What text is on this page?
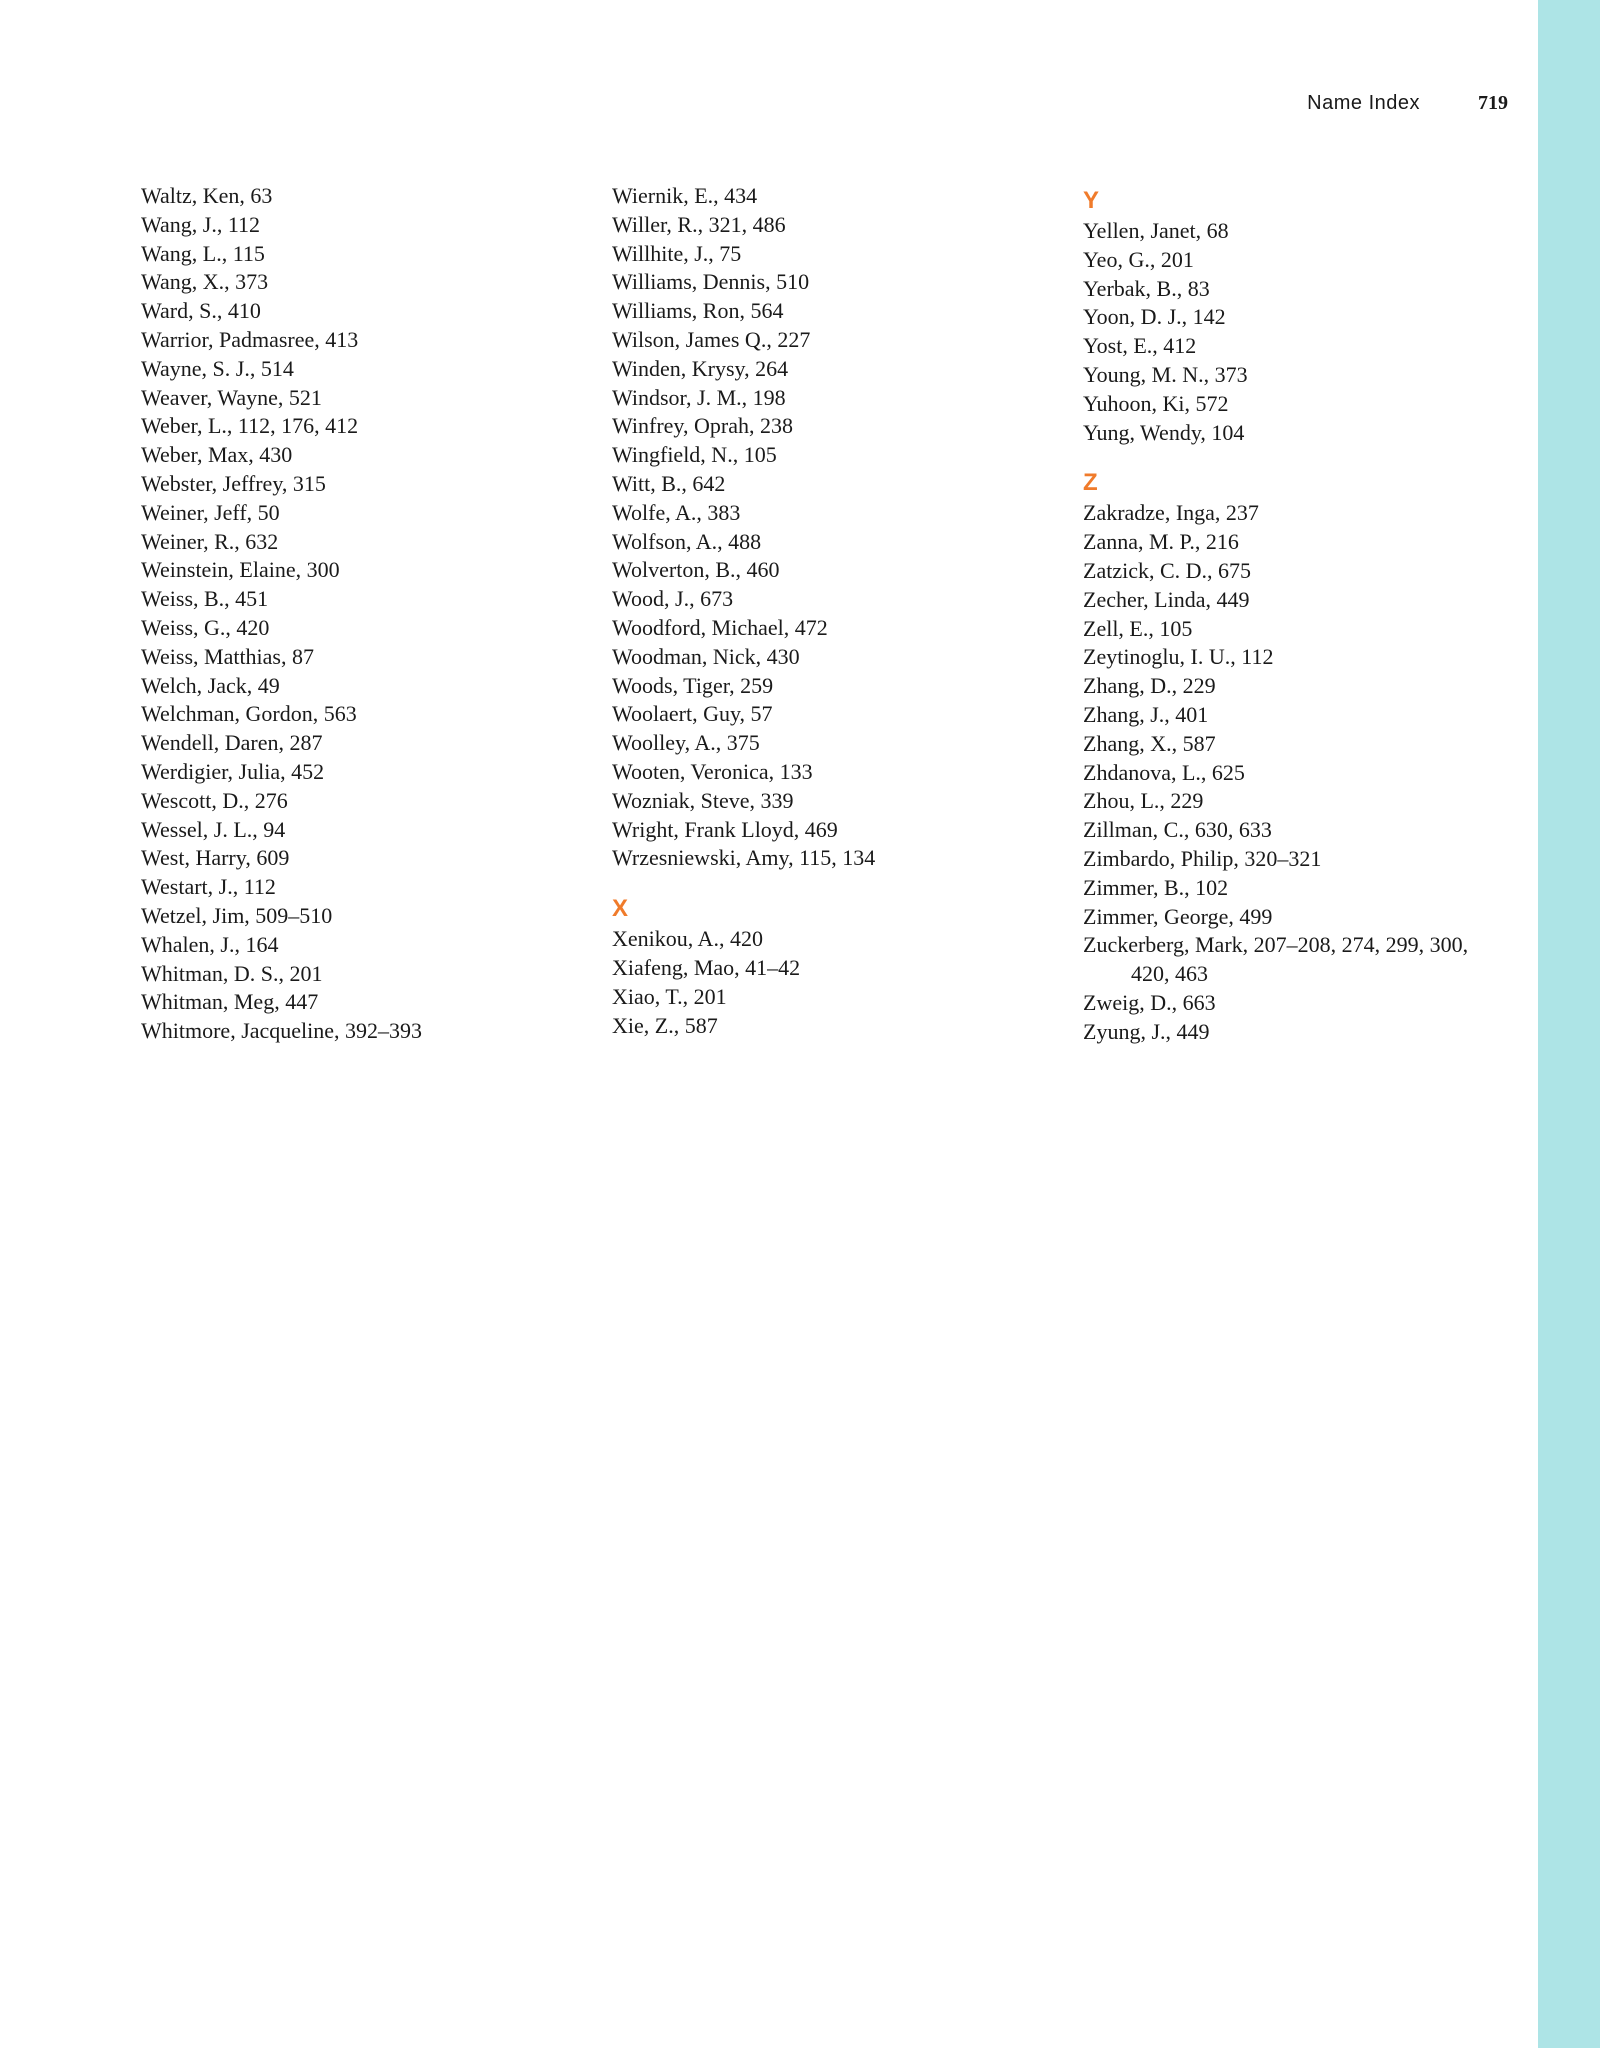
Name Index	719
Waltz, Ken, 63
Wang, J., 112
Wang, L., 115
Wang, X., 373
Ward, S., 410
Warrior, Padmasree, 413
Wayne, S. J., 514
Weaver, Wayne, 521
Weber, L., 112, 176, 412
Weber, Max, 430
Webster, Jeffrey, 315
Weiner, Jeff, 50
Weiner, R., 632
Weinstein, Elaine, 300
Weiss, B., 451
Weiss, G., 420
Weiss, Matthias, 87
Welch, Jack, 49
Welchman, Gordon, 563
Wendell, Daren, 287
Werdigier, Julia, 452
Wescott, D., 276
Wessel, J. L., 94
West, Harry, 609
Westart, J., 112
Wetzel, Jim, 509–510
Whalen, J., 164
Whitman, D. S., 201
Whitman, Meg, 447
Whitmore, Jacqueline, 392–393
Wiernik, E., 434
Willer, R., 321, 486
Willhite, J., 75
Williams, Dennis, 510
Williams, Ron, 564
Wilson, James Q., 227
Winden, Krysy, 264
Windsor, J. M., 198
Winfrey, Oprah, 238
Wingfield, N., 105
Witt, B., 642
Wolfe, A., 383
Wolfson, A., 488
Wolverton, B., 460
Wood, J., 673
Woodford, Michael, 472
Woodman, Nick, 430
Woods, Tiger, 259
Woolaert, Guy, 57
Woolley, A., 375
Wooten, Veronica, 133
Wozniak, Steve, 339
Wright, Frank Lloyd, 469
Wrzesniewski, Amy, 115, 134
X
Xenikou, A., 420
Xiafeng, Mao, 41–42
Xiao, T., 201
Xie, Z., 587
Y
Yellen, Janet, 68
Yeo, G., 201
Yerbak, B., 83
Yoon, D. J., 142
Yost, E., 412
Young, M. N., 373
Yuhoon, Ki, 572
Yung, Wendy, 104
Z
Zakradze, Inga, 237
Zanna, M. P., 216
Zatzick, C. D., 675
Zecher, Linda, 449
Zell, E., 105
Zeytinoglu, I. U., 112
Zhang, D., 229
Zhang, J., 401
Zhang, X., 587
Zhdanova, L., 625
Zhou, L., 229
Zillman, C., 630, 633
Zimbardo, Philip, 320–321
Zimmer, B., 102
Zimmer, George, 499
Zuckerberg, Mark, 207–208, 274, 299, 300, 420, 463
Zweig, D., 663
Zyung, J., 449
